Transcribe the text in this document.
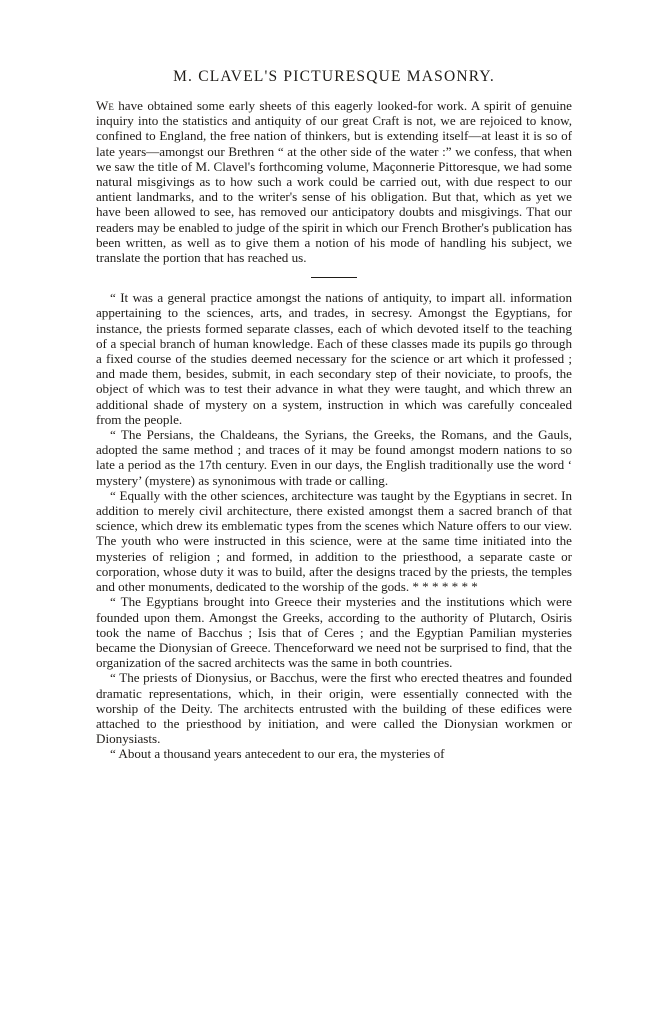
M. CLAVEL'S PICTURESQUE MASONRY.

We have obtained some early sheets of this eagerly looked-for work. A spirit of genuine inquiry into the statistics and antiquity of our great Craft is not, we are rejoiced to know, confined to England, the free nation of thinkers, but is extending itself—at least it is so of late years—amongst our Brethren “ at the other side of the water :” we confess, that when we saw the title of M. Clavel's forthcoming volume, Maçonnerie Pittoresque, we had some natural misgivings as to how such a work could be carried out, with due respect to our antient landmarks, and to the writer's sense of his obligation. But that, which as yet we have been allowed to see, has removed our anticipatory doubts and misgivings. That our readers may be enabled to judge of the spirit in which our French Brother's publication has been written, as well as to give them a notion of his mode of handling his subject, we translate the portion that has reached us.

“ It was a general practice amongst the nations of antiquity, to impart all. information appertaining to the sciences, arts, and trades, in secresy. Amongst the Egyptians, for instance, the priests formed separate classes, each of which devoted itself to the teaching of a special branch of human knowledge. Each of these classes made its pupils go through a fixed course of the studies deemed necessary for the science or art which it professed ; and made them, besides, submit, in each secondary step of their noviciate, to proofs, the object of which was to test their advance in what they were taught, and which threw an additional shade of mystery on a system, instruction in which was carefully concealed from the people.

“ The Persians, the Chaldeans, the Syrians, the Greeks, the Romans, and the Gauls, adopted the same method ; and traces of it may be found amongst modern nations to so late a period as the 17th century. Even in our days, the English traditionally use the word ‘ mystery’ (mystere) as synonimous with trade or calling.

“ Equally with the other sciences, architecture was taught by the Egyptians in secret. In addition to merely civil architecture, there existed amongst them a sacred branch of that science, which drew its emblematic types from the scenes which Nature offers to our view. The youth who were instructed in this science, were at the same time initiated into the mysteries of religion ; and formed, in addition to the priesthood, a separate caste or corporation, whose duty it was to build, after the designs traced by the priests, the temples and other monuments, dedicated to the worship of the gods. * * * * * * *

“ The Egyptians brought into Greece their mysteries and the institutions which were founded upon them. Amongst the Greeks, according to the authority of Plutarch, Osiris took the name of Bacchus ; Isis that of Ceres ; and the Egyptian Pamilian mysteries became the Dionysian of Greece. Thenceforward we need not be surprised to find, that the organization of the sacred architects was the same in both countries.

“ The priests of Dionysius, or Bacchus, were the first who erected theatres and founded dramatic representations, which, in their origin, were essentially connected with the worship of the Deity. The architects entrusted with the building of these edifices were attached to the priesthood by initiation, and were called the Dionysian workmen or Dionysiasts.

“ About a thousand years antecedent to our era, the mysteries of
